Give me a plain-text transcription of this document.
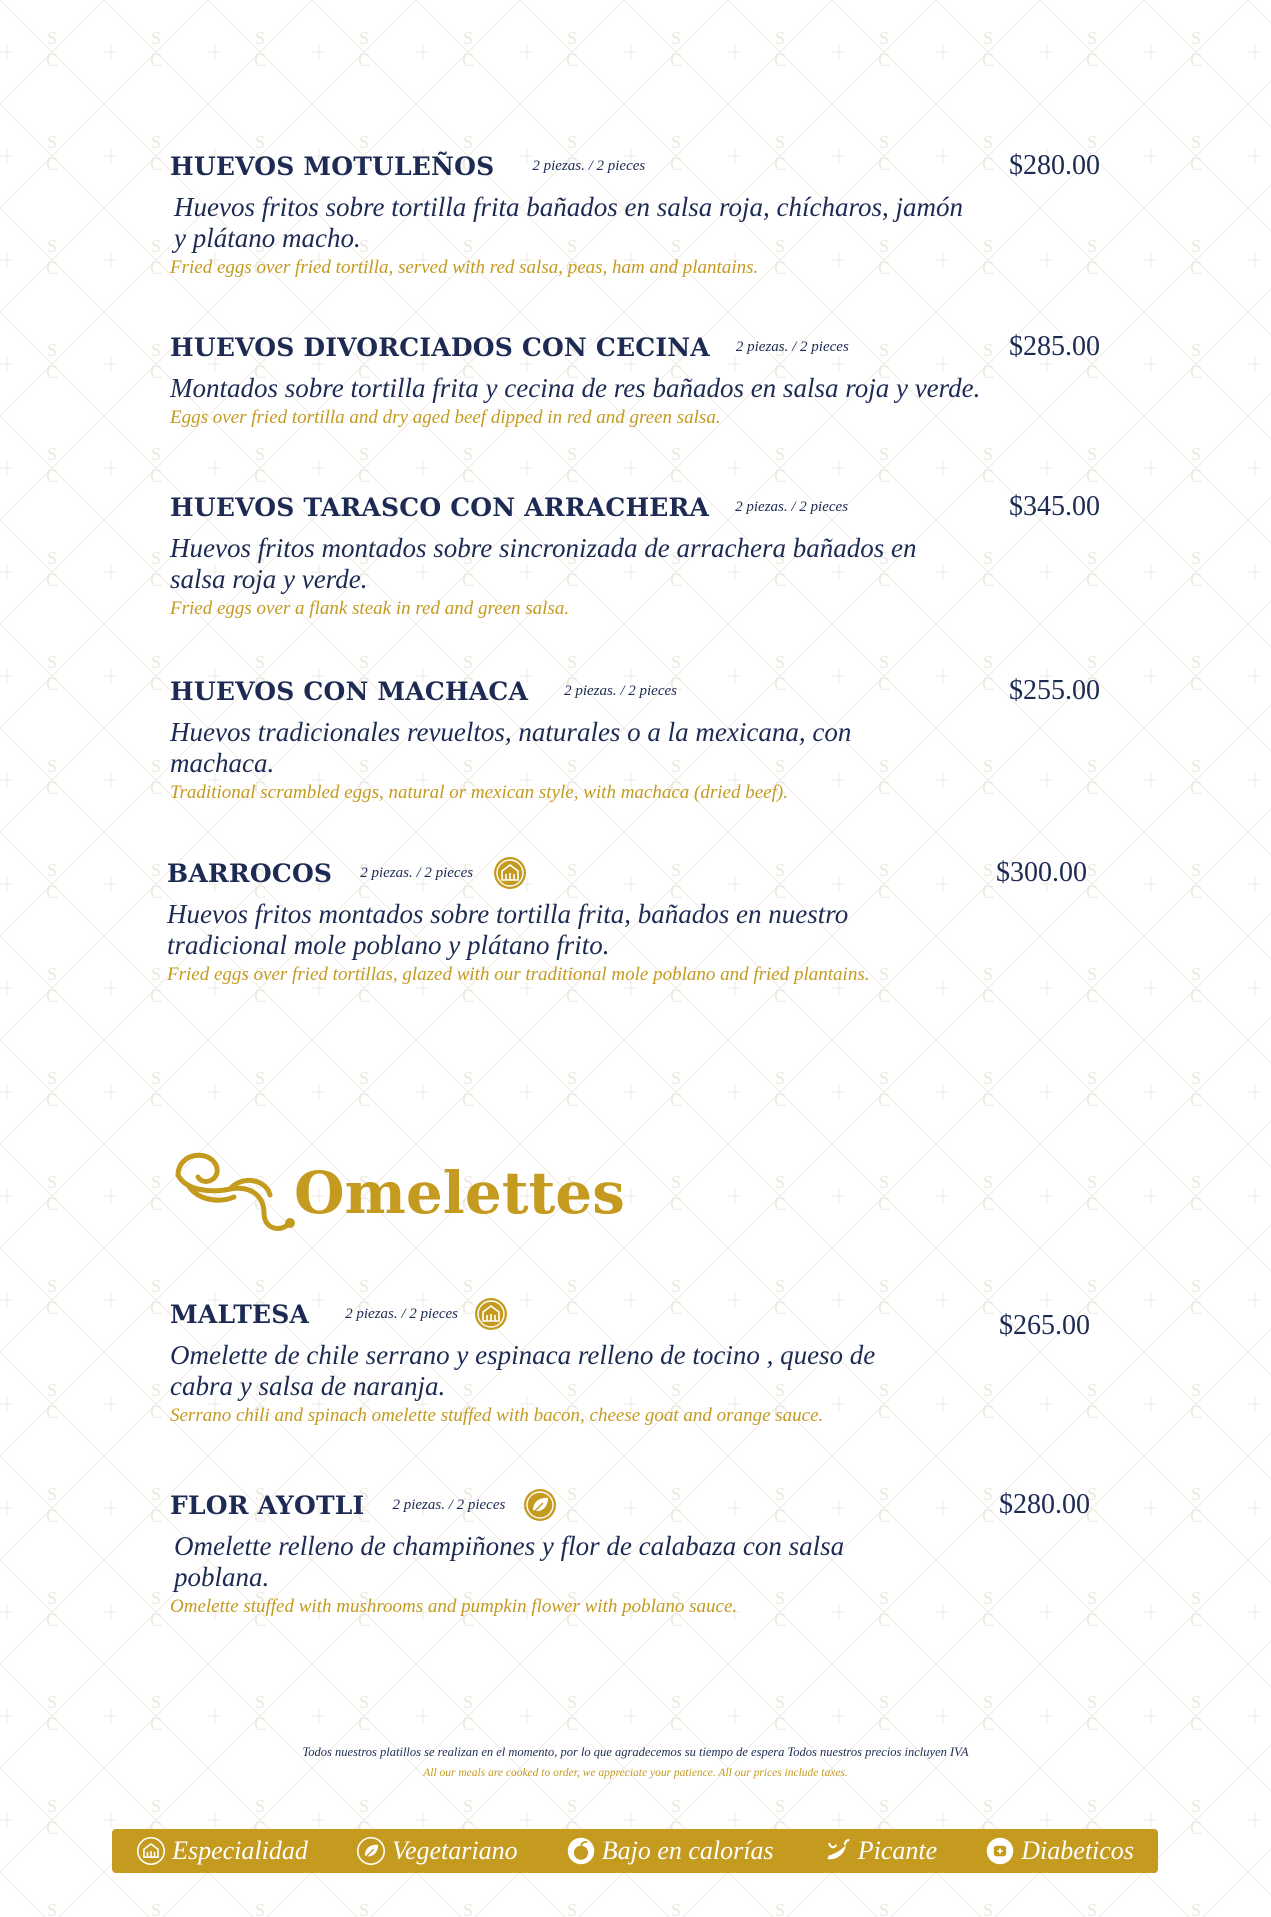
HUEVOS MOTULEÑOS	2 piezas. / 2 pieces	$280.00
Huevos fritos sobre tortilla frita bañados en salsa roja, chícharos, jamón y plátano macho.
Fried eggs over fried tortilla, served with red salsa, peas, ham and plantains.
HUEVOS DIVORCIADOS CON CECINA 2 piezas. / 2 pieces	$285.00
Montados sobre tortilla frita y cecina de res bañados en salsa roja y verde.
Eggs over fried tortilla and dry aged beef dipped in red and green salsa.
HUEVOS TARASCO CON ARRACHERA 2 piezas. / 2 pieces	$345.00
Huevos fritos montados sobre sincronizada de arrachera bañados en salsa roja y verde.
Fried eggs over a flank steak in red and green salsa.
HUEVOS CON MACHACA 2 piezas. / 2 pieces	$255.00
Huevos tradicionales revueltos, naturales o a la mexicana, con machaca.
Traditional scrambled eggs, natural or mexican style, with machaca (dried beef).
BARROCOS 2 piezas. / 2 pieces	$300.00
Huevos fritos montados sobre tortilla frita, bañados en nuestro tradicional mole poblano y plátano frito.
Fried eggs over fried tortillas, glazed with our traditional mole poblano and fried plantains.
Omelettes
MALTESA 2 piezas. / 2 pieces	$265.00
Omelette de chile serrano y espinaca relleno de tocino , queso de cabra y salsa de naranja.
Serrano chili and spinach omelette stuffed with bacon, cheese goat and orange sauce.
FLOR AYOTLI 2 piezas. / 2 pieces	$280.00
Omelette relleno de champiñones y flor de calabaza con salsa poblana.
Omelette stuffed with mushrooms and pumpkin flower with poblano sauce.
Todos nuestros platillos se realizan en el momento, por lo que agradecemos su tiempo de espera Todos nuestros precios incluyen IVA
All our meals are cooked to order, we appreciate your patience. All our prices include taxes.
Especialidad	Vegetariano	Bajo en calorías	Picante	Diabeticos
